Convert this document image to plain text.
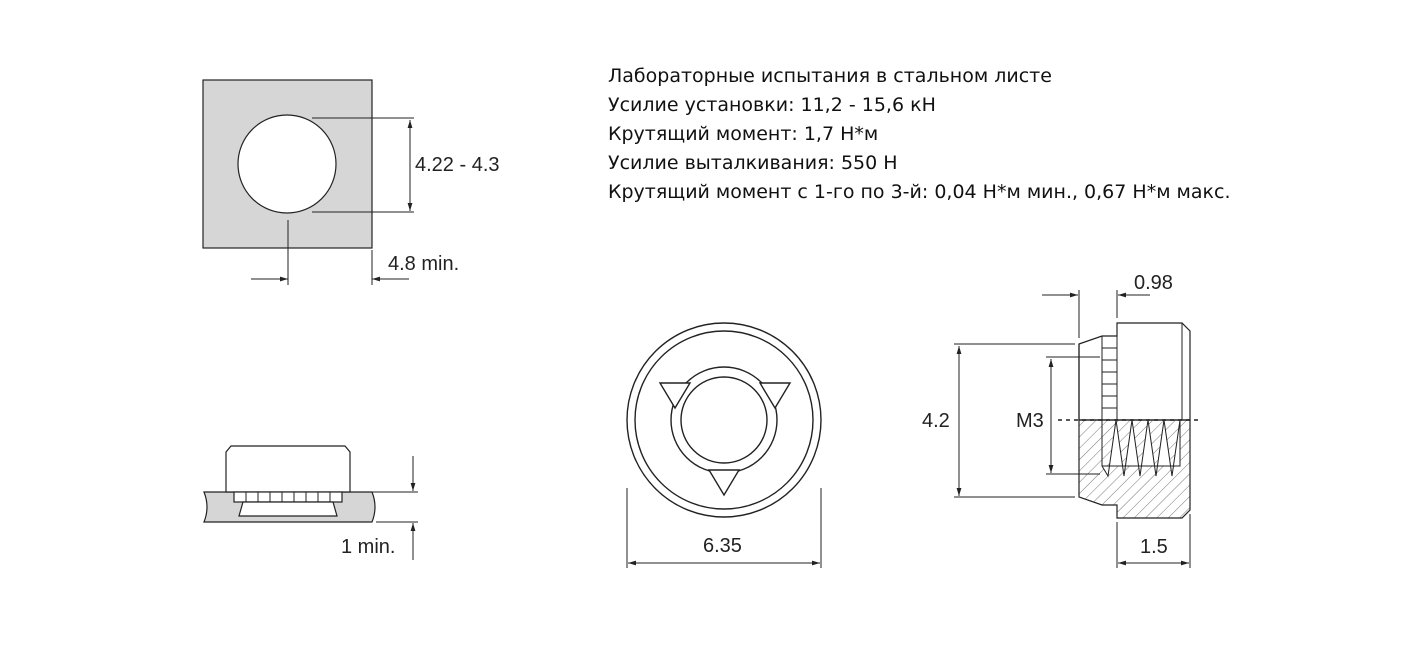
Лабораторные испытания в стальном листе
Усилие установки: 11,2 - 15,6 кН
Крутящий момент: 1,7 Н*м
Усилие выталкивания: 550 Н
Крутящий момент с 1-го по 3-й: 0,04 Н*м мин., 0,67 Н*м макс.
4.22 - 4.3
4.8 min.
1 min.	6.35
4.2	M3
0.98
1.5
